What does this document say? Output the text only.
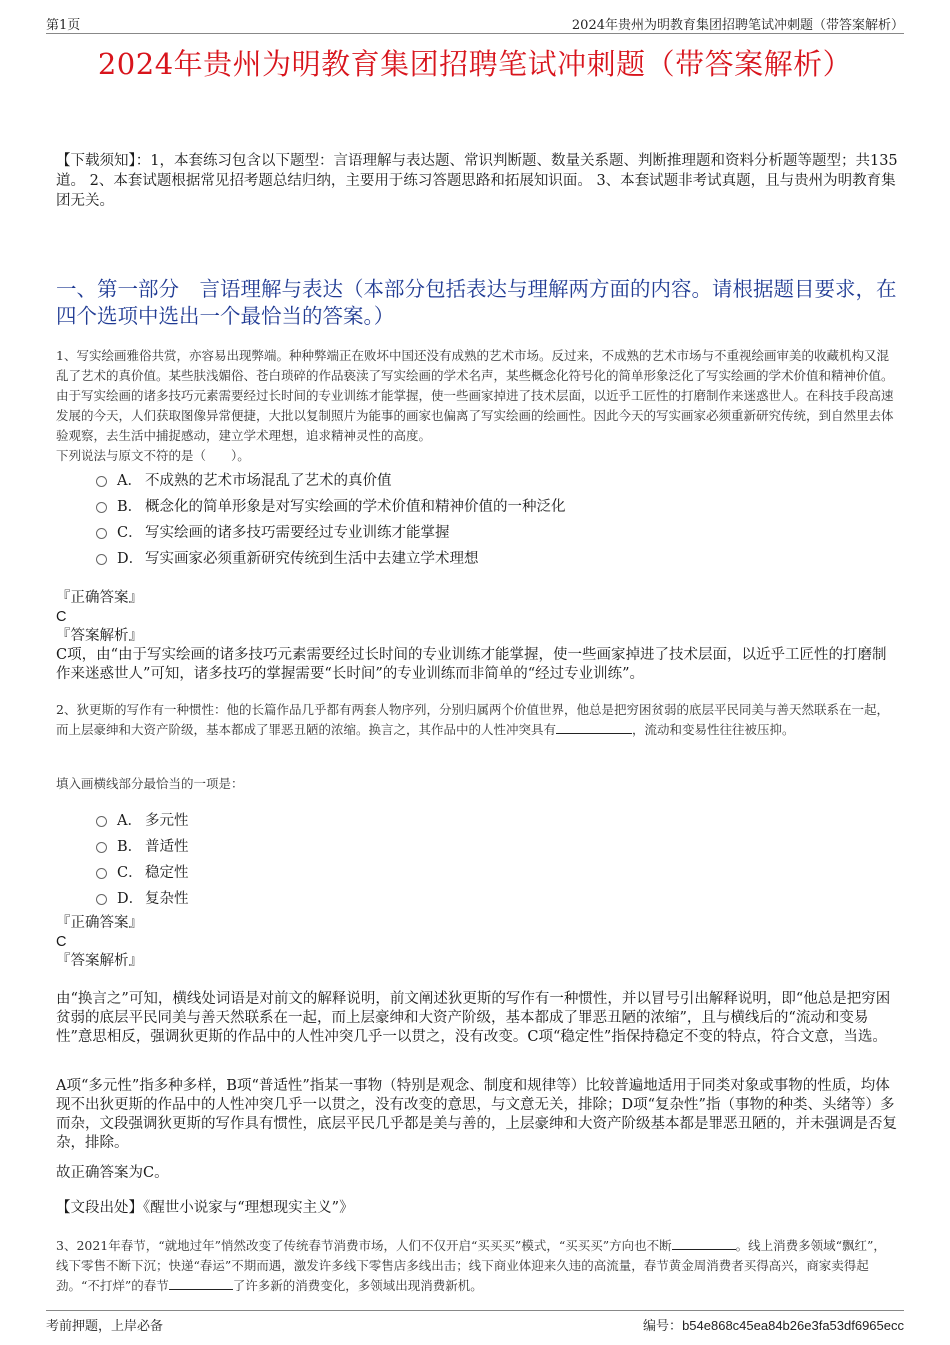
第1页	2024年贵州为明教育集团招聘笔试冲刺题（带答案解析）
2024年贵州为明教育集团招聘笔试冲刺题（带答案解析）
【下载须知】：1，本套练习包含以下题型：言语理解与表达题、常识判断题、数量关系题、判断推理题和资料分析题等题型；共135道。 2、本套试题根据常见招考题总结归纳，主要用于练习答题思路和拓展知识面。 3、本套试题非考试真题，且与贵州为明教育集团无关。
一、第一部分　言语理解与表达（本部分包括表达与理解两方面的内容。请根据题目要求，在四个选项中选出一个最恰当的答案。）
1、写实绘画雅俗共赏，亦容易出现弊端。种种弊端正在败坏中国还没有成熟的艺术市场。反过来，不成熟的艺术市场与不重视绘画审美的收藏机构又混乱了艺术的真价值。某些肤浅媚俗、苍白琐碎的作品亵渎了写实绘画的学术名声，某些概念化符号化的简单形象泛化了写实绘画的学术价值和精神价值。由于写实绘画的诸多技巧元素需要经过长时间的专业训练才能掌握，使一些画家掉进了技术层面，以近乎工匠性的打磨制作来迷惑世人。在科技手段高速发展的今天，人们获取图像异常便捷，大批以复制照片为能事的画家也偏离了写实绘画的绘画性。因此今天的写实画家必须重新研究传统，到自然里去体验观察，去生活中捕捉感动，建立学术理想，追求精神灵性的高度。
下列说法与原文不符的是（　　）。
A． 不成熟的艺术市场混乱了艺术的真价值
B． 概念化的简单形象是对写实绘画的学术价值和精神价值的一种泛化
C． 写实绘画的诸多技巧需要经过专业训练才能掌握
D． 写实画家必须重新研究传统到生活中去建立学术理想
『正确答案』
C
『答案解析』
C项，由“由于写实绘画的诸多技巧元素需要经过长时间的专业训练才能掌握，使一些画家掉进了技术层面，以近乎工匠性的打磨制作来迷惑世人”可知，诸多技巧的掌握需要“长时间”的专业训练而非简单的“经过专业训练”。
2、狄更斯的写作有一种惯性：他的长篇作品几乎都有两套人物序列，分别归属两个价值世界，他总是把穷困贫弱的底层平民同美与善天然联系在一起，而上层豪绅和大资产阶级，基本都成了罪恶丑陋的浓缩。换言之，其作品中的人性冲突具有	，流动和变易性往往被压抑。
填入画横线部分最恰当的一项是：
A． 多元性
B． 普适性
C． 稳定性
D． 复杂性
『正确答案』
C
『答案解析』
由“换言之”可知，横线处词语是对前文的解释说明，前文阐述狄更斯的写作有一种惯性，并以冒号引出解释说明，即“他总是把穷困贫弱的底层平民同美与善天然联系在一起，而上层豪绅和大资产阶级，基本都成了罪恶丑陋的浓缩”，且与横线后的“流动和变易性”意思相反，强调狄更斯的作品中的人性冲突几乎一以贯之，没有改变。C项“稳定性”指保持稳定不变的特点，符合文意，当选。
A项“多元性”指多种多样，B项“普适性”指某一事物（特别是观念、制度和规律等）比较普遍地适用于同类对象或事物的性质，均体现不出狄更斯的作品中的人性冲突几乎一以贯之，没有改变的意思，与文意无关，排除；D项“复杂性”指（事物的种类、头绪等）多而杂，文段强调狄更斯的写作具有惯性，底层平民几乎都是美与善的，上层豪绅和大资产阶级基本都是罪恶丑陋的，并未强调是否复杂，排除。
故正确答案为C。
【文段出处】《醒世小说家与“理想现实主义”》
3、2021年春节，“就地过年”悄然改变了传统春节消费市场，人们不仅开启“买买买”模式，“买买买”方向也不断	。线上消费多领域“飘红”，线下零售不断下沉；快递“春运”不期而遇，激发许多线下零售店多线出击；线下商业体迎来久违的高流量，春节黄金周消费者买得高兴，商家卖得起劲。“不打烊”的春节	了许多新的消费变化，多领域出现消费新机。
考前押题，上岸必备	编号：b54e868c45ea84b26e3fa53df6965ecc
